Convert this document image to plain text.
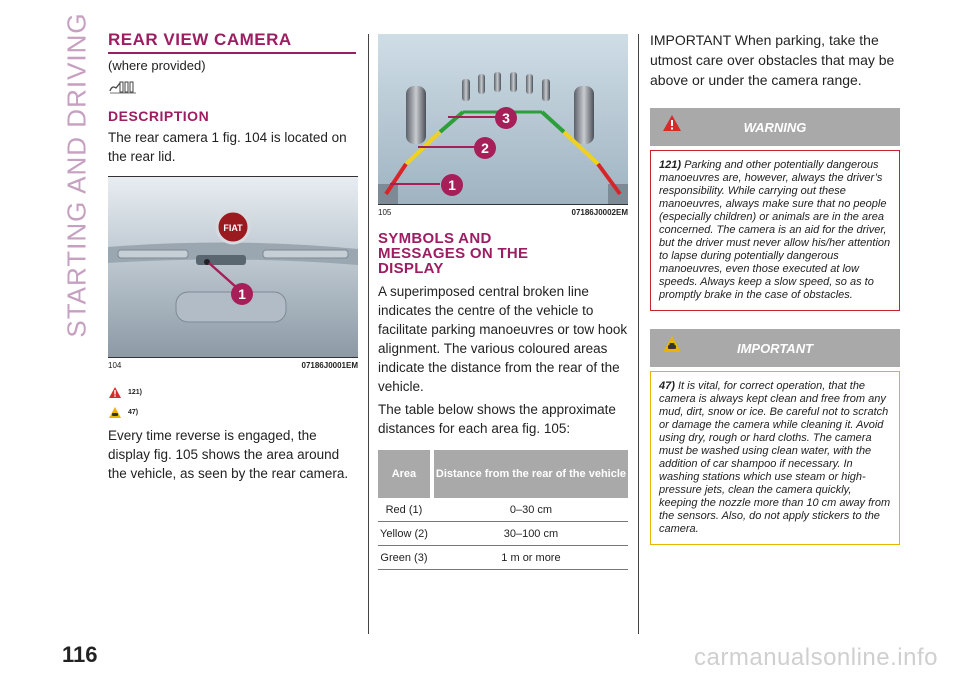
STARTING AND DRIVING REAR VIEW CAMERA
(where provided)
DESCRIPTION

The rear camera 1 fig. 104 is located on the rear lid.

FIAT
1
104	07186J0001EM
121)
47)

Every time reverse is engaged, the display fig. 105 shows the area around the vehicle, as seen by the rear camera.

1
2
3
105	07186J0002EM
SYMBOLS AND MESSAGES ON THE DISPLAY

A superimposed central broken line indicates the centre of the vehicle to facilitate parking manoeuvres or tow hook alignment. The various coloured areas indicate the distance from the rear of the vehicle.

The table below shows the approximate distances for each area fig. 105:

Area		Distance from the rear of the vehicle
Red (1)		0–30 cm
Yellow (2)		30–100 cm
Green (3)		1 m or more

IMPORTANT When parking, take the utmost care over obstacles that may be above or under the camera range.

WARNING
121) Parking and other potentially dangerous manoeuvres are, however, always the driver’s responsibility. While carrying out these manoeuvres, always make sure that no people (especially children) or animals are in the area concerned. The camera is an aid for the driver, but the driver must never allow his/her attention to lapse during potentially dangerous manoeuvres, even those executed at low speeds. Always keep a slow speed, so as to promptly brake in the case of obstacles.
IMPORTANT
47) It is vital, for correct operation, that the camera is always kept clean and free from any mud, dirt, snow or ice. Be careful not to scratch or damage the camera while cleaning it. Avoid using dry, rough or hard cloths. The camera must be washed using clean water, with the addition of car shampoo if necessary. In washing stations which use steam or high-pressure jets, clean the camera quickly, keeping the nozzle more than 10 cm away from the sensors. Also, do not apply stickers to the camera.
116	carmanualsonline.info
